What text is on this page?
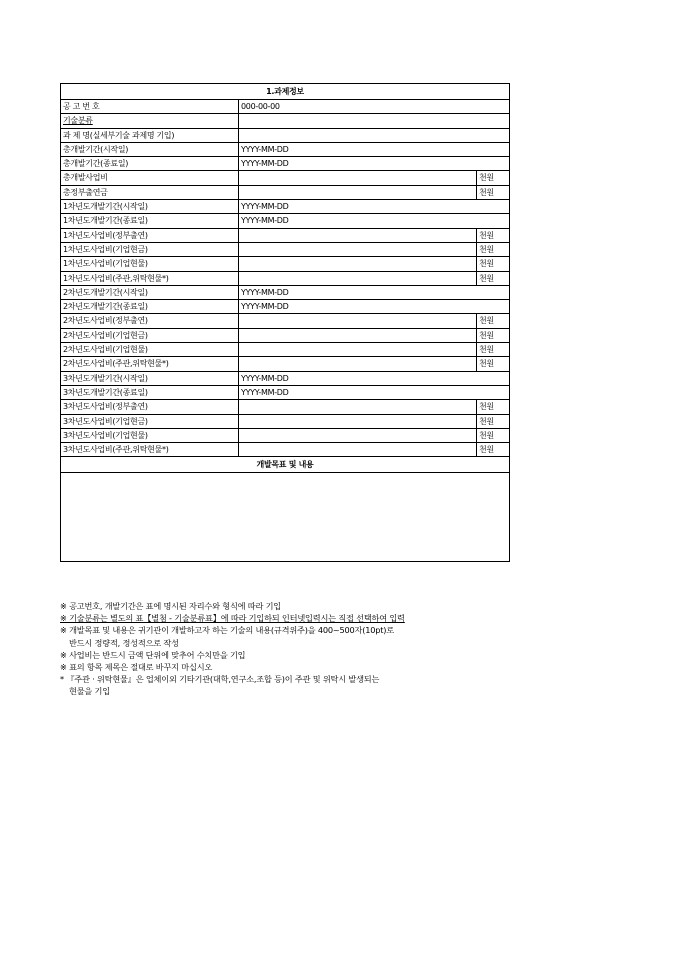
1.과제정보		
공 고 번 호	000-00-00	
기술분류		
과 제 명(실세부기술 과제명 기입)		
총개발기간(시작일)	YYYY-MM-DD	
총개발기간(종료일)	YYYY-MM-DD	
총개발사업비		천원
총정부출연금		천원
1차년도개발기간(시작일)	YYYY-MM-DD	
1차년도개발기간(종료일)	YYYY-MM-DD	
1차년도사업비(정부출연)		천원
1차년도사업비(기업현금)		천원
1차년도사업비(기업현물)		천원
1차년도사업비(주관,위탁현물*)		천원
2차년도개발기간(시작일)	YYYY-MM-DD	
2차년도개발기간(종료일)	YYYY-MM-DD	
2차년도사업비(정부출연)		천원
2차년도사업비(기업현금)		천원
2차년도사업비(기업현물)		천원
2차년도사업비(주관,위탁현물*)		천원
3차년도개발기간(시작일)	YYYY-MM-DD	
3차년도개발기간(종료일)	YYYY-MM-DD	
3차년도사업비(정부출연)		천원
3차년도사업비(기업현금)		천원
3차년도사업비(기업현물)		천원
3차년도사업비(주관,위탁현물*)		천원
개발목표 및 내용		

※ 공고번호, 개발기간은 표에 명시된 자리수와 형식에 따라 기입
※ 기술분류는 별도의 표【별첨 - 기술분류표】에 따라 기입하되 인터넷입력시는 직접 선택하여 입력
※ 개발목표 및 내용은 귀기관이 개발하고자 하는 기술의 내용(규격위주)을 400~500자(10pt)로
반드시 정량적, 정성적으로 작성
※ 사업비는 반드시 금액 단위에 맞추어 수치만을 기입
※ 표의 항목 제목은 절대로 바꾸지 마십시오
* 『주관 · 위탁현물』은 업체이외 기타기관(대학,연구소,조합 등)이 주관 및 위탁시 발생되는
현물을 기입
